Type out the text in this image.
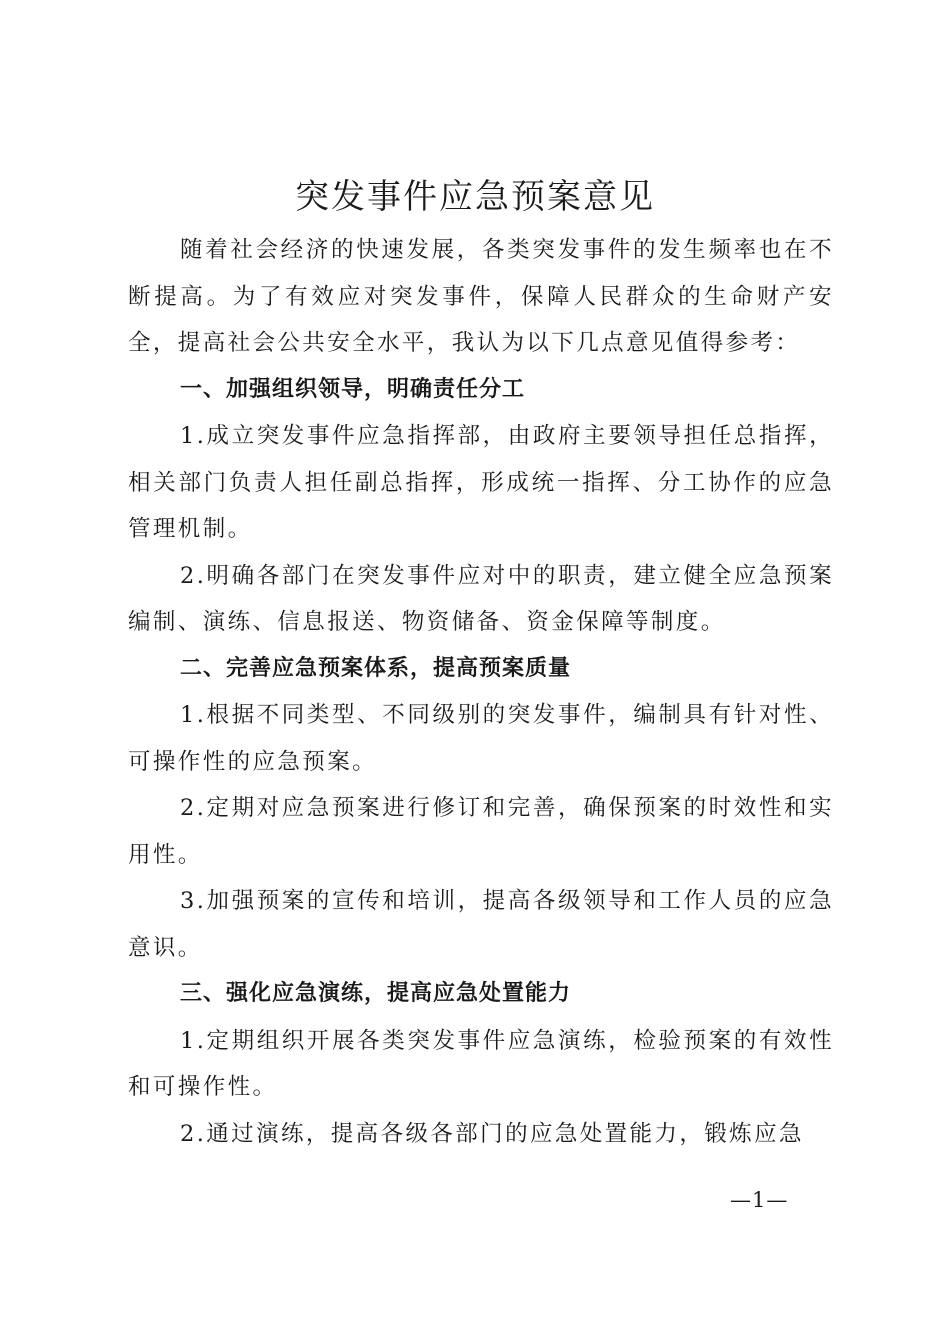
突发事件应急预案意见

随着社会经济的快速发展，各类突发事件的发生频率也在不断提高。为了有效应对突发事件，保障人民群众的生命财产安全，提高社会公共安全水平，我认为以下几点意见值得参考：

一、加强组织领导，明确责任分工

1.成立突发事件应急指挥部，由政府主要领导担任总指挥，相关部门负责人担任副总指挥，形成统一指挥、分工协作的应急管理机制。

2.明确各部门在突发事件应对中的职责，建立健全应急预案编制、演练、信息报送、物资储备、资金保障等制度。

二、完善应急预案体系，提高预案质量

1.根据不同类型、不同级别的突发事件，编制具有针对性、可操作性的应急预案。

2.定期对应急预案进行修订和完善，确保预案的时效性和实用性。

3.加强预案的宣传和培训，提高各级领导和工作人员的应急意识。

三、强化应急演练，提高应急处置能力

1.定期组织开展各类突发事件应急演练，检验预案的有效性和可操作性。

2.通过演练，提高各级各部门的应急处置能力，锻炼应急

—1—
